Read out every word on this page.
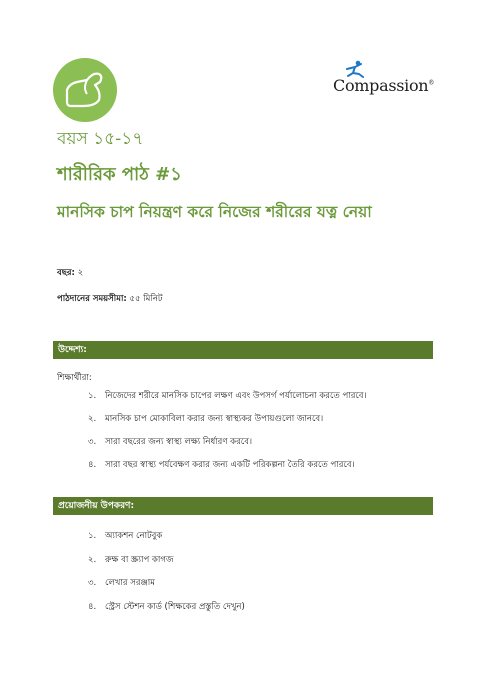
Compassion®
বয়স ১৫-১৭
শারীরিক পাঠ #১
মানসিক চাপ নিয়ন্ত্রণ করে নিজের শরীরের যত্ন নেয়া
বছর: ২
পাঠদানের সময়সীমা: ৫৫ মিনিট
উদ্দেশ্য:
শিক্ষার্থীরা:
১. নিজেদের শরীরে মানসিক চাপের লক্ষণ এবং উপসর্গ পর্যালোচনা করতে পারবে।
২. মানসিক চাপ মোকাবিলা করার জন্য স্বাস্থ্যকর উপায়গুলো জানবে।
৩. সারা বছরের জন্য স্বাস্থ্য লক্ষ্য নির্ধারণ করবে।
৪. সারা বছর স্বাস্থ্য পর্যবেক্ষণ করার জন্য একটি পরিকল্পনা তৈরি করতে পারবে।
প্রয়োজনীয় উপকরণ:
১. অ্যাকশন নোটবুক
২. রুক্ষ বা স্ক্র্যাপ কাগজ
৩. লেখার সরঞ্জাম
৪. স্ট্রেস স্টেশন কার্ড (শিক্ষকের প্রস্তুতি দেখুন)
